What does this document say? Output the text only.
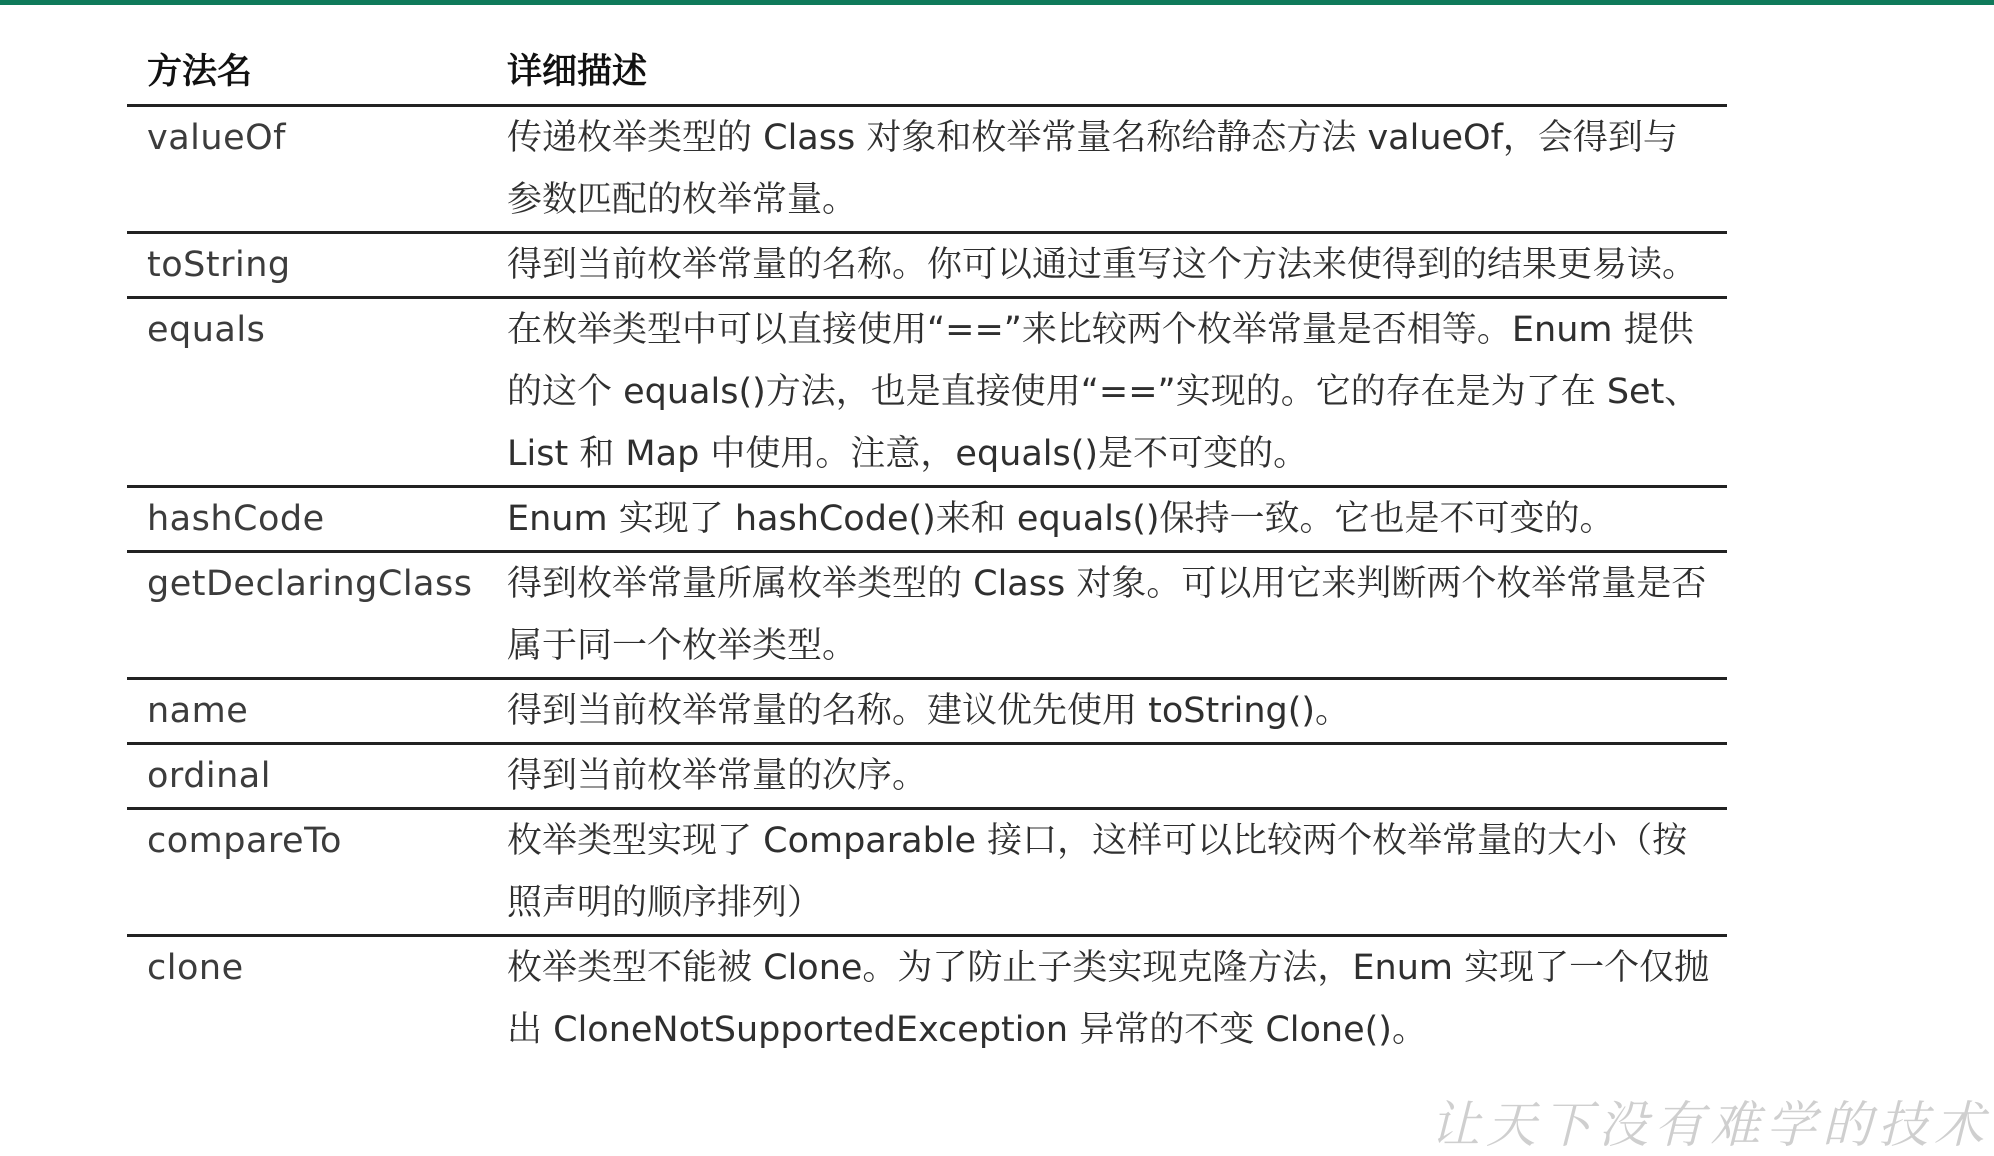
方法名	详细描述
valueOf	传递枚举类型的 Class 对象和枚举常量名称给静态方法 valueOf，会得到与参数匹配的枚举常量。
toString	得到当前枚举常量的名称。你可以通过重写这个方法来使得到的结果更易读。
equals	在枚举类型中可以直接使用“==”来比较两个枚举常量是否相等。Enum 提供的这个 equals()方法，也是直接使用“==”实现的。它的存在是为了在 Set、List 和 Map 中使用。注意，equals()是不可变的。
hashCode	Enum 实现了 hashCode()来和 equals()保持一致。它也是不可变的。
getDeclaringClass	得到枚举常量所属枚举类型的 Class 对象。可以用它来判断两个枚举常量是否属于同一个枚举类型。
name	得到当前枚举常量的名称。建议优先使用 toString()。
ordinal	得到当前枚举常量的次序。
compareTo	枚举类型实现了 Comparable 接口，这样可以比较两个枚举常量的大小（按照声明的顺序排列）
clone	枚举类型不能被 Clone。为了防止子类实现克隆方法，Enum 实现了一个仅抛出 CloneNotSupportedException 异常的不变 Clone()。
让天下没有难学的技术
